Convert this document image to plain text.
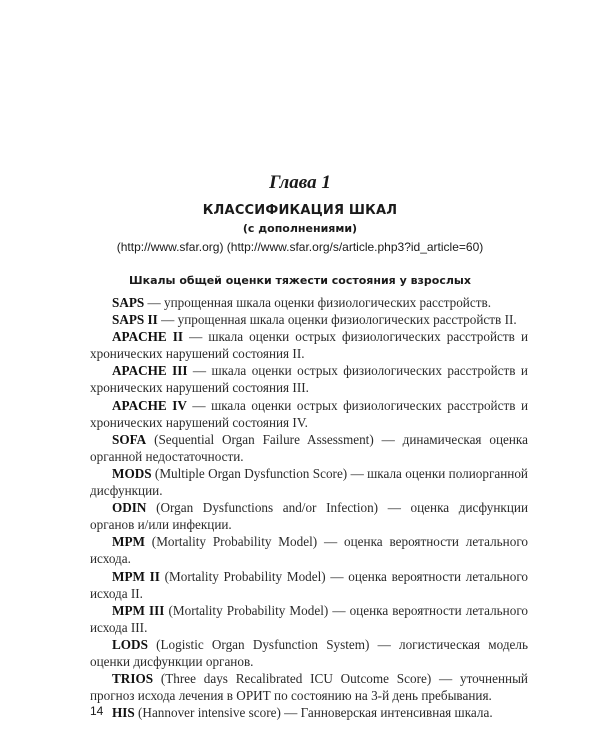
Глава 1
КЛАССИФИКАЦИЯ ШКАЛ
(с дополнениями)
(http://www.sfar.org) (http://www.sfar.org/s/article.php3?id_article=60)
Шкалы общей оценки тяжести состояния у взрослых

SAPS — упрощенная шкала оценки физиологических расстройств.

SAPS II — упрощенная шкала оценки физиологических расстройств II.

APACHE II — шкала оценки острых физиологических расстройств и хронических нарушений состояния II.

APACHE III — шкала оценки острых физиологических расстройств и хронических нарушений состояния III.

APACHE IV — шкала оценки острых физиологических расстройств и хронических нарушений состояния IV.

SOFA (Sequential Organ Failure Assessment) — динамическая оценка органной недостаточности.

MODS (Multiple Organ Dysfunction Score) — шкала оценки полиорганной дисфункции.

ODIN (Organ Dysfunctions and/or Infection) — оценка дисфункции органов и/или инфекции.

MPM (Mortality Probability Model) — оценка вероятности летального исхода.

MPM II (Mortality Probability Model) — оценка вероятности летального исхода II.

MPM III (Mortality Probability Model) — оценка вероятности летального исхода III.

LODS (Logistic Organ Dysfunction System) — логистическая модель оценки дисфункции органов.

TRIOS (Three days Recalibrated ICU Outcome Score) — уточненный прогноз исхода лечения в ОРИТ по состоянию на 3-й день пребывания.

HIS (Hannover intensive score) — Ганноверская интенсивная шкала.

14
